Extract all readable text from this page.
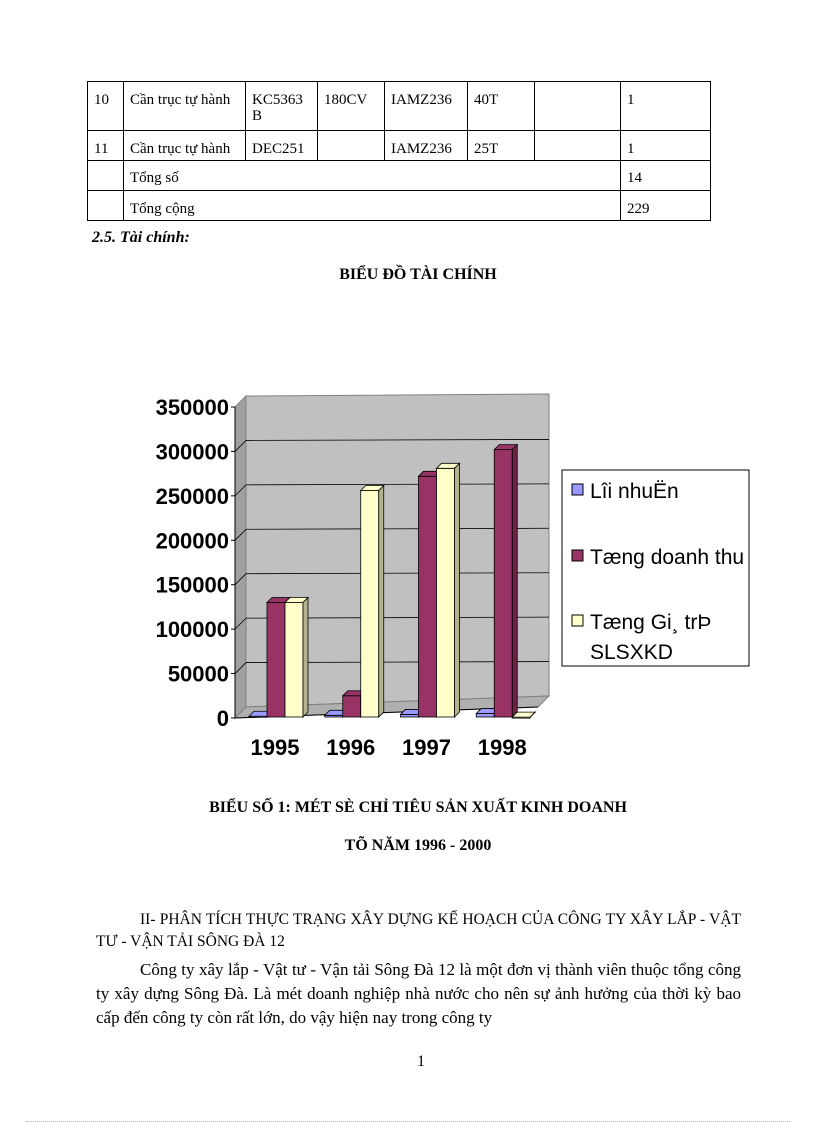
10	Cần trục tự hành	KC5363 B	180CV	IAMZ236	40T		1
11	Cần trục tự hành	DEC251		IAMZ236	25T		1
	Tổng số						14
	Tổng cộng						229
2.5. Tài chính:
BIỂU ĐỒ TÀI CHÍNH
350000
300000
250000
200000
150000
100000
50000
0
1995 1996 1997 1998
Lîi nhuËn
Tæng doanh thu
Tæng Gi¸ trÞ
SLSXKD
BIỂU SỐ 1: MÉT SÈ CHỈ TIÊU SẢN XUẤT KINH DOANH
TÕ NĂM 1996 - 2000
II- PHÂN TÍCH THỰC TRẠNG XÂY DỰNG KẾ HOẠCH CỦA CÔNG TY XÂY LẮP - VẬT TƯ - VẬN TẢI SÔNG ĐÀ 12
Công ty xây lắp - Vật tư - Vận tải Sông Đà 12 là một đơn vị thành viên thuộc tổng công ty xây dựng Sông Đà. Là mét doanh nghiệp nhà nước cho nên sự ảnh hưởng của thời kỳ bao cấp đến công ty còn rất lớn, do vậy hiện nay trong công ty
1
